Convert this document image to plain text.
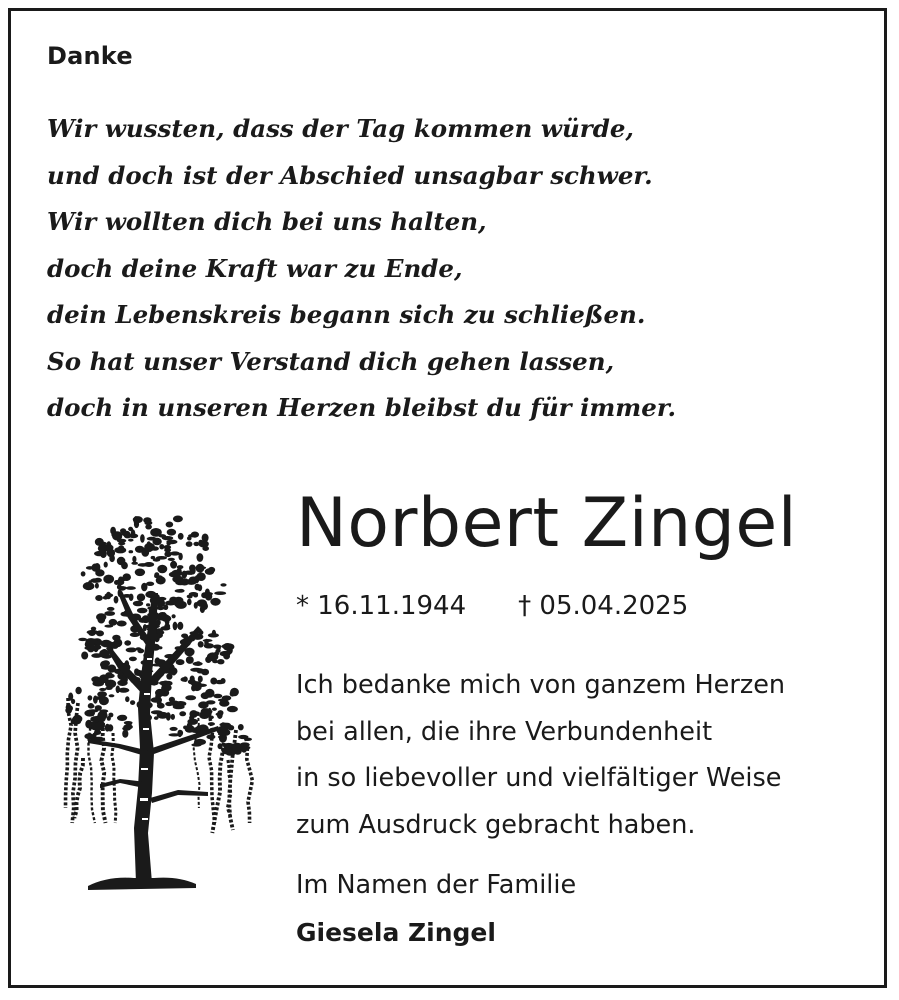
Danke
Wir wussten, dass der Tag kommen würde,
und doch ist der Abschied unsagbar schwer.
Wir wollten dich bei uns halten,
doch deine Kraft war zu Ende,
dein Lebenskreis begann sich zu schließen.
So hat unser Verstand dich gehen lassen,
doch in unseren Herzen bleibst du für immer.
Norbert Zingel
* 16.11.1944 † 05.04.2025
Ich bedanke mich von ganzem Herzen
bei allen, die ihre Verbundenheit
in so liebevoller und vielfältiger Weise
zum Ausdruck gebracht haben.
Im Namen der Familie
Giesela Zingel
